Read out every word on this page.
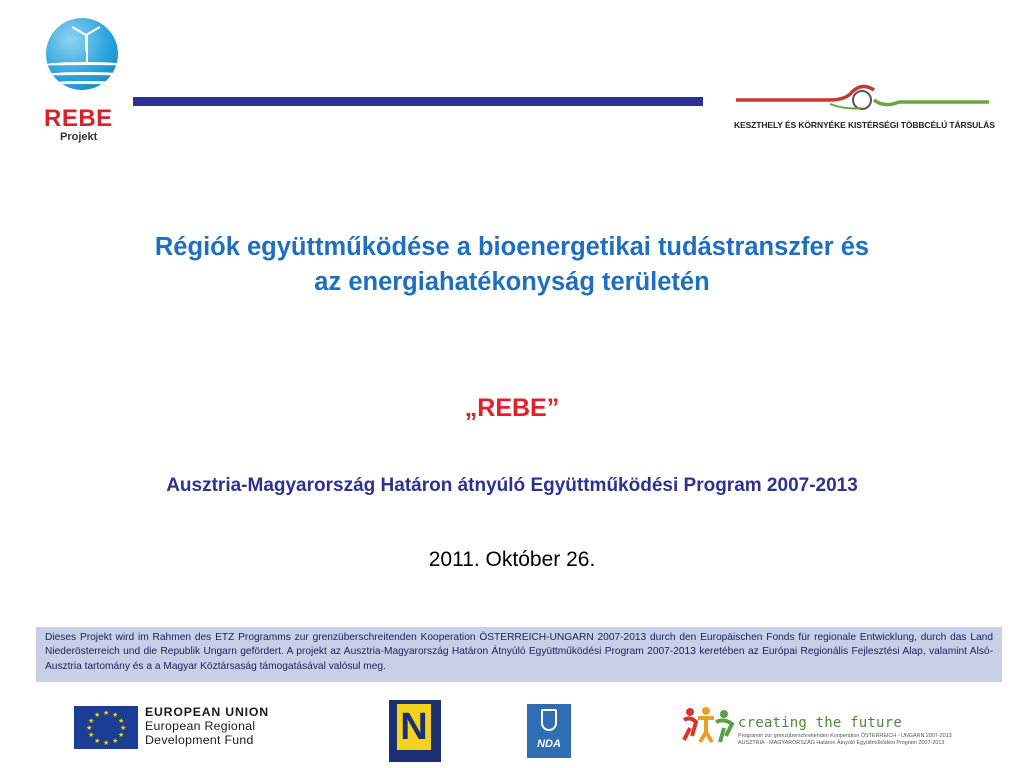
REBE
Projekt
KESZTHELY ÉS KÖRNYÉKE KISTÉRSÉGI TÖBBCÉLÚ TÁRSULÁS
Régiók együttműködése a bioenergetikai tudástranszfer és
az energiahatékonyság területén
„REBE”
Ausztria-Magyarország Határon átnyúló Együttműködési Program 2007-2013
2011. Október 26.
Dieses Projekt wird im Rahmen des ETZ Programms zur grenzüberschreitenden Kooperation ÖSTERREICH-UNGARN 2007-2013 durch den Europäischen Fonds für regionale Entwicklung, durch das Land Niederösterreich und die Republik Ungarn gefördert. A projekt az Ausztria-Magyarország Határon Átnyúló Együttműködési Program 2007-2013 keretében az Európai Regionális Fejlesztési Alap, valamint Alsó-Ausztria tartomány és a a Magyar Köztársaság támogatásával valósul meg.
★ ★
★
★
★
★
★
★
★
★
★
★	EUROPEAN UNION
European Regional
Development Fund	N	NDA
creating the future
Programm zur grenzüberschreitenden Kooperation ÖSTERREICH - UNGARN 2007-2013
AUSZTRIA - MAGYARORSZÁG Határon Átnyúló Együttműködési Program 2007-2013
